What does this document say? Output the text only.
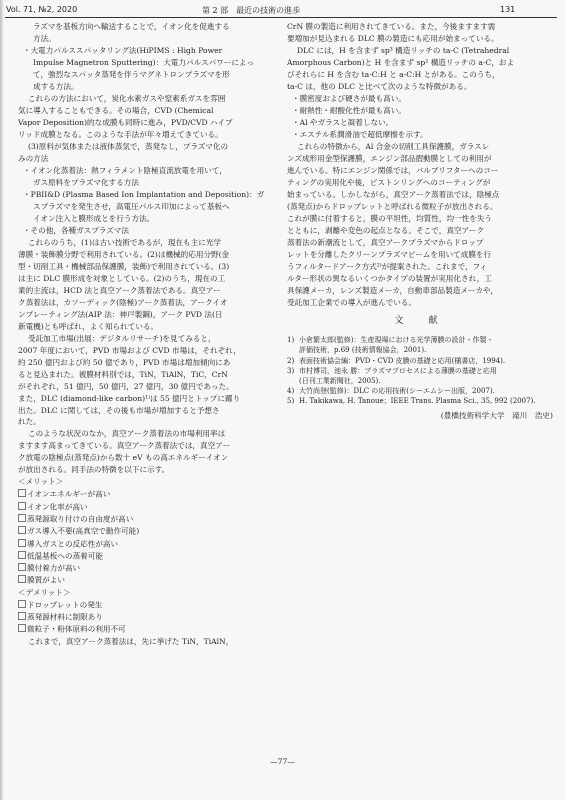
Vol. 71, №2, 2020	第 2 部　最近の技術の進歩	131
ラズマを基板方向へ輸送することで，イオン化を促進する
方法。
・大電力パルススパッタリング法(HiPIMS : High Power
Impulse Magnetron Sputtering)：大電力パルスパワーによっ
て，強烈なスパッタ蒸発を伴うマグネトロンプラズマを形
成する方法。
これらの方法において，炭化水素ガスや窒素系ガスを雰囲
気に導入することもできる。その場合，CVD (Chemical
Vapor Deposition)的な成膜も同時に進み，PVD/CVD ハイブ
リッド成膜となる。このような手法が年々増えてきている。
(3)原料が気体または液体蒸気で，蒸発なし，プラズマ化の
みの方法
・イオン化蒸着法：熱フィラメント陰極直流放電を用いて，
ガス原料をプラズマ化する方法
・PBII&D (Plasma Based Ion Implantation and Deposition)：ガ
スプラズマを発生させ，高電圧パルス印加によって基板へ
イオン注入と膜形成とを行う方法。
・その他，各種ガスプラズマ法
これらのうち，(1)は古い技術であるが，現在も主に光学
薄膜・装飾膜分野で利用されている。(2)は機械的応用分野(金
型・切削工具・機械部品保護膜，装飾)で利用されている。(3)
は主に DLC 膜形成を対象としている。(2)のうち，現在の工
業的主流は，HCD 法と真空アーク蒸着法である。真空アー
ク蒸着法は，カソーディック(陰極)アーク蒸着法，アークイオ
ンプレーティング法(AIP 法：神戸製鋼)，アーク PVD 法(日
新電機)とも呼ばれ，よく知られている。
受託加工市場(出展：デジタルリサーチ)を見てみると，
2007 年度において，PVD 市場および CVD 市場は，それぞれ，
約 250 億円および約 50 億であり，PVD 市場は増加傾向にあ
ると見込まれた。被膜材料別では，TiN，TiAlN，TiC，CrN
がそれぞれ，51 億円，50 億円，27 億円，30 億円であった。
また，DLC (diamond-like carbon)¹⁾は 55 億円とトップに躍り
出た。DLC に関しては，その後も市場が増加すると予想さ
れた。
このような状況のなか，真空アーク蒸着法の市場利用率は
ますます高まってきている。真空アーク蒸着法では，真空アー
ク放電の陰極点(蒸発点)から数十 eV もの高エネルギーイオン
が放出される。同手法の特徴を以下に示す。
＜メリット＞
イオンエネルギーが高い
イオン化率が高い
蒸発源取り付けの自由度が高い
ガス導入不要(高真空で動作可能)
導入ガスとの反応性が高い
低温基板への蒸着可能
膜付着力が高い
膜質がよい
＜デメリット＞
ドロップレットの発生
蒸発源材料に制限あり
微粒子・粉体原料の利用不可
これまで，真空アーク蒸着法は，先に挙げた TiN，TiAlN，
CrN 膜の製造に利用されてきている。また，今後ますます需
要増加が見込まれる DLC 膜の製造にも応用が始まっている。
DLC には，H を含まず sp³ 構造リッチの ta-C (Tetrahedral
Amorphous Carbon)と H を含まず sp² 構造リッチの a-C，およ
びそれらに H を含む ta-C:H と a-C:H とがある。このうち，
ta-C は，他の DLC と比べて次のような特徴がある。
・膜密度および硬さが最も高い。
・耐熱性・耐酸化性が最も高い。
・Al やガラスと凝着しない。
・エステル系潤滑油で超低摩擦を示す。
これらの特徴から，Al 合金の切削工具保護膜，ガラスレ
ンズ成形用金型保護膜，エンジン部品摺動膜としての利用が
進んでいる。特にエンジン関係では，バルブリフターへのコー
ティングの実用化や後，ピストンリングへのコーティングが
始まっている。しかしながら，真空アーク蒸着法では，陰極点
(蒸発点)からドロップレットと呼ばれる微粒子が放出される。
これが膜に付着すると，膜の平坦性，均質性，均一性を失う
とともに，剥離や変色の起点となる。そこで，真空アーク
蒸着法の新潮流として，真空アークプラズマからドロップ
レットを分離したクリーンプラズマビームを用いて成膜を行
うフィルタードアーク方式²⁾が提案された。これまで，フィ
ルター形状の異なるいくつかタイプの装置が実用化され，工
具保護メーカ，レンズ製造メーカ，自動車部品製造メーカや，
受託加工企業での導入が進んでいる。
文　献
1) 小倉繁太郎(監修)：生産現場における光学薄膜の設計・作製・
評価技術，p.69 (技術情報協会，2001).
2) 表面技術協会編：PVD・CVD 皮膜の基礎と応用(槇書店，1994).
3) 市村博司，池永 勝：プラズマプロセスによる薄膜の基礎と応用
(日刊工業新聞社，2005).
4) 大竹尚登(監修)：DLC の応用技術(シーエムシー出版，2007).
5) H. Takikawa, H. Tanoue；IEEE Trans. Plasma Sci., 35, 992 (2007).
(豊橋技術科学大学　滝川　浩史)
—77—
